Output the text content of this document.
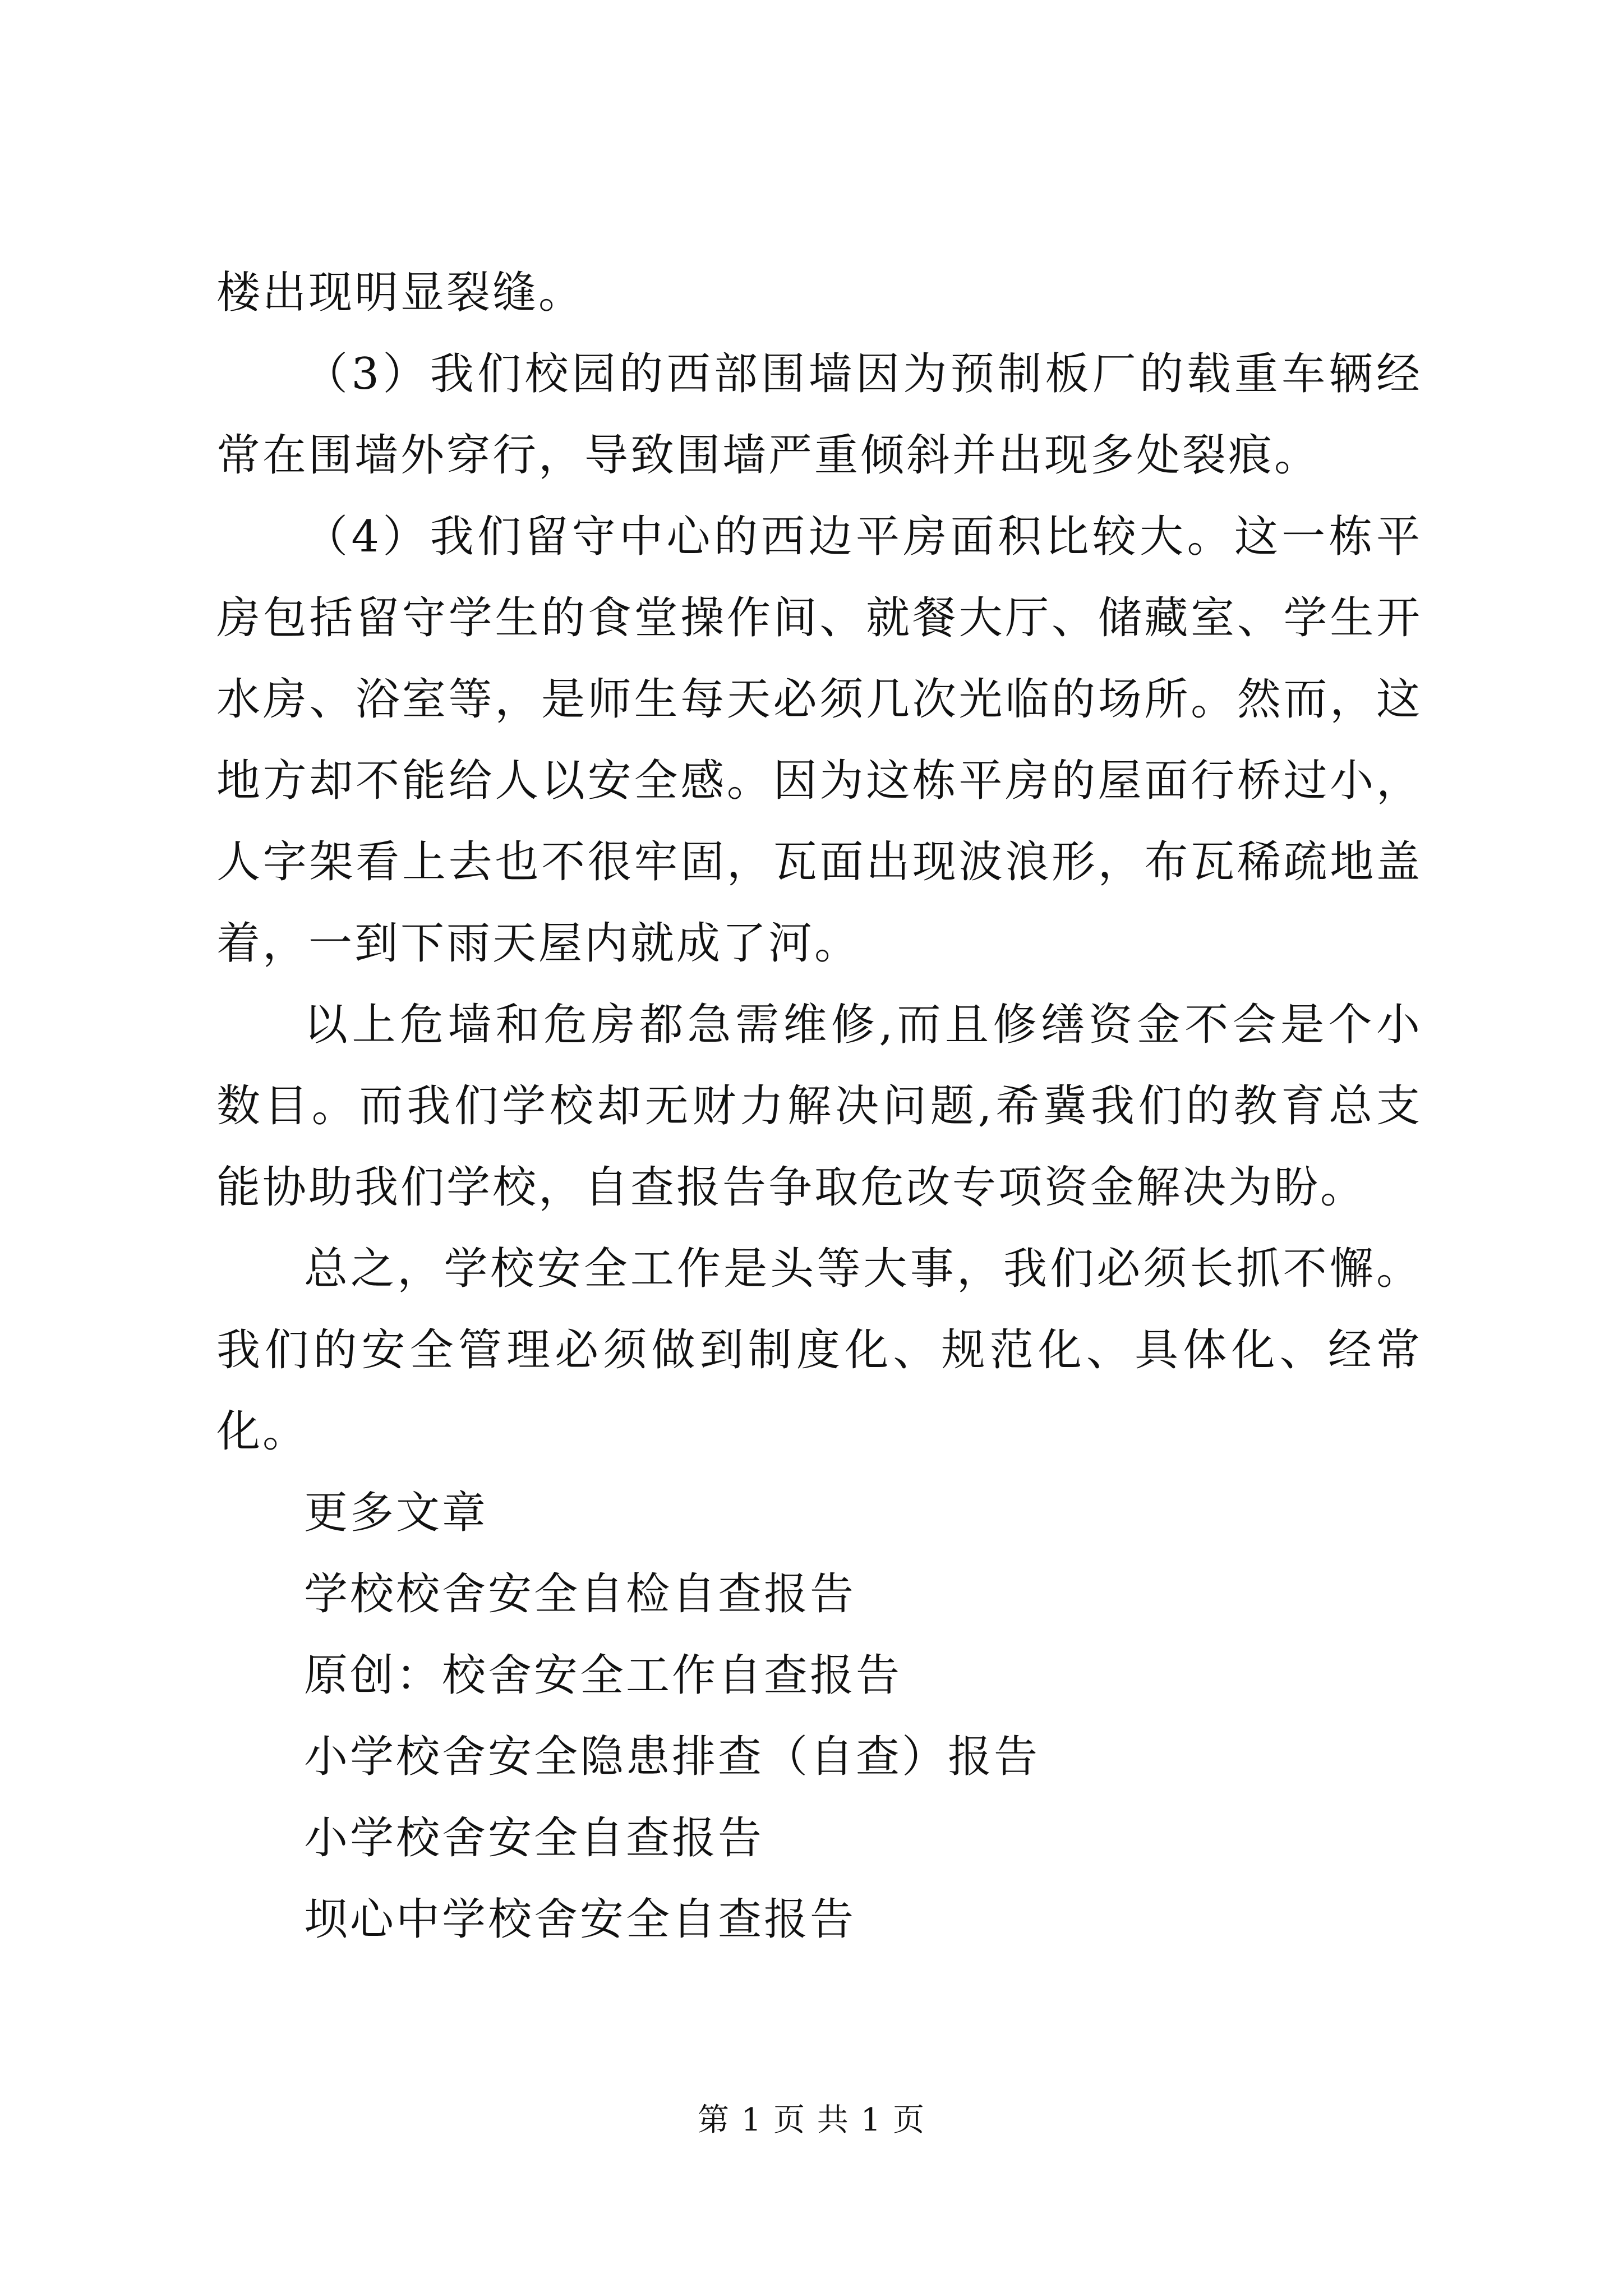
楼出现明显裂缝。

（3）我们校园的西部围墙因为预制板厂的载重车辆经常在围墙外穿行，导致围墙严重倾斜并出现多处裂痕。

（4）我们留守中心的西边平房面积比较大。这一栋平房包括留守学生的食堂操作间、就餐大厅、储藏室、学生开水房、浴室等，是师生每天必须几次光临的场所。然而，这地方却不能给人以安全感。因为这栋平房的屋面行桥过小，人字架看上去也不很牢固，瓦面出现波浪形，布瓦稀疏地盖着，一到下雨天屋内就成了河。

以上危墙和危房都急需维修,而且修缮资金不会是个小数目。而我们学校却无财力解决问题,希冀我们的教育总支能协助我们学校，自查报告争取危改专项资金解决为盼。

总之，学校安全工作是头等大事，我们必须长抓不懈。我们的安全管理必须做到制度化、规范化、具体化、经常化。

更多文章
学校校舍安全自检自查报告
原创：校舍安全工作自查报告
小学校舍安全隐患排查（自查）报告
小学校舍安全自查报告
坝心中学校舍安全自查报告
第 1 页 共 1 页
